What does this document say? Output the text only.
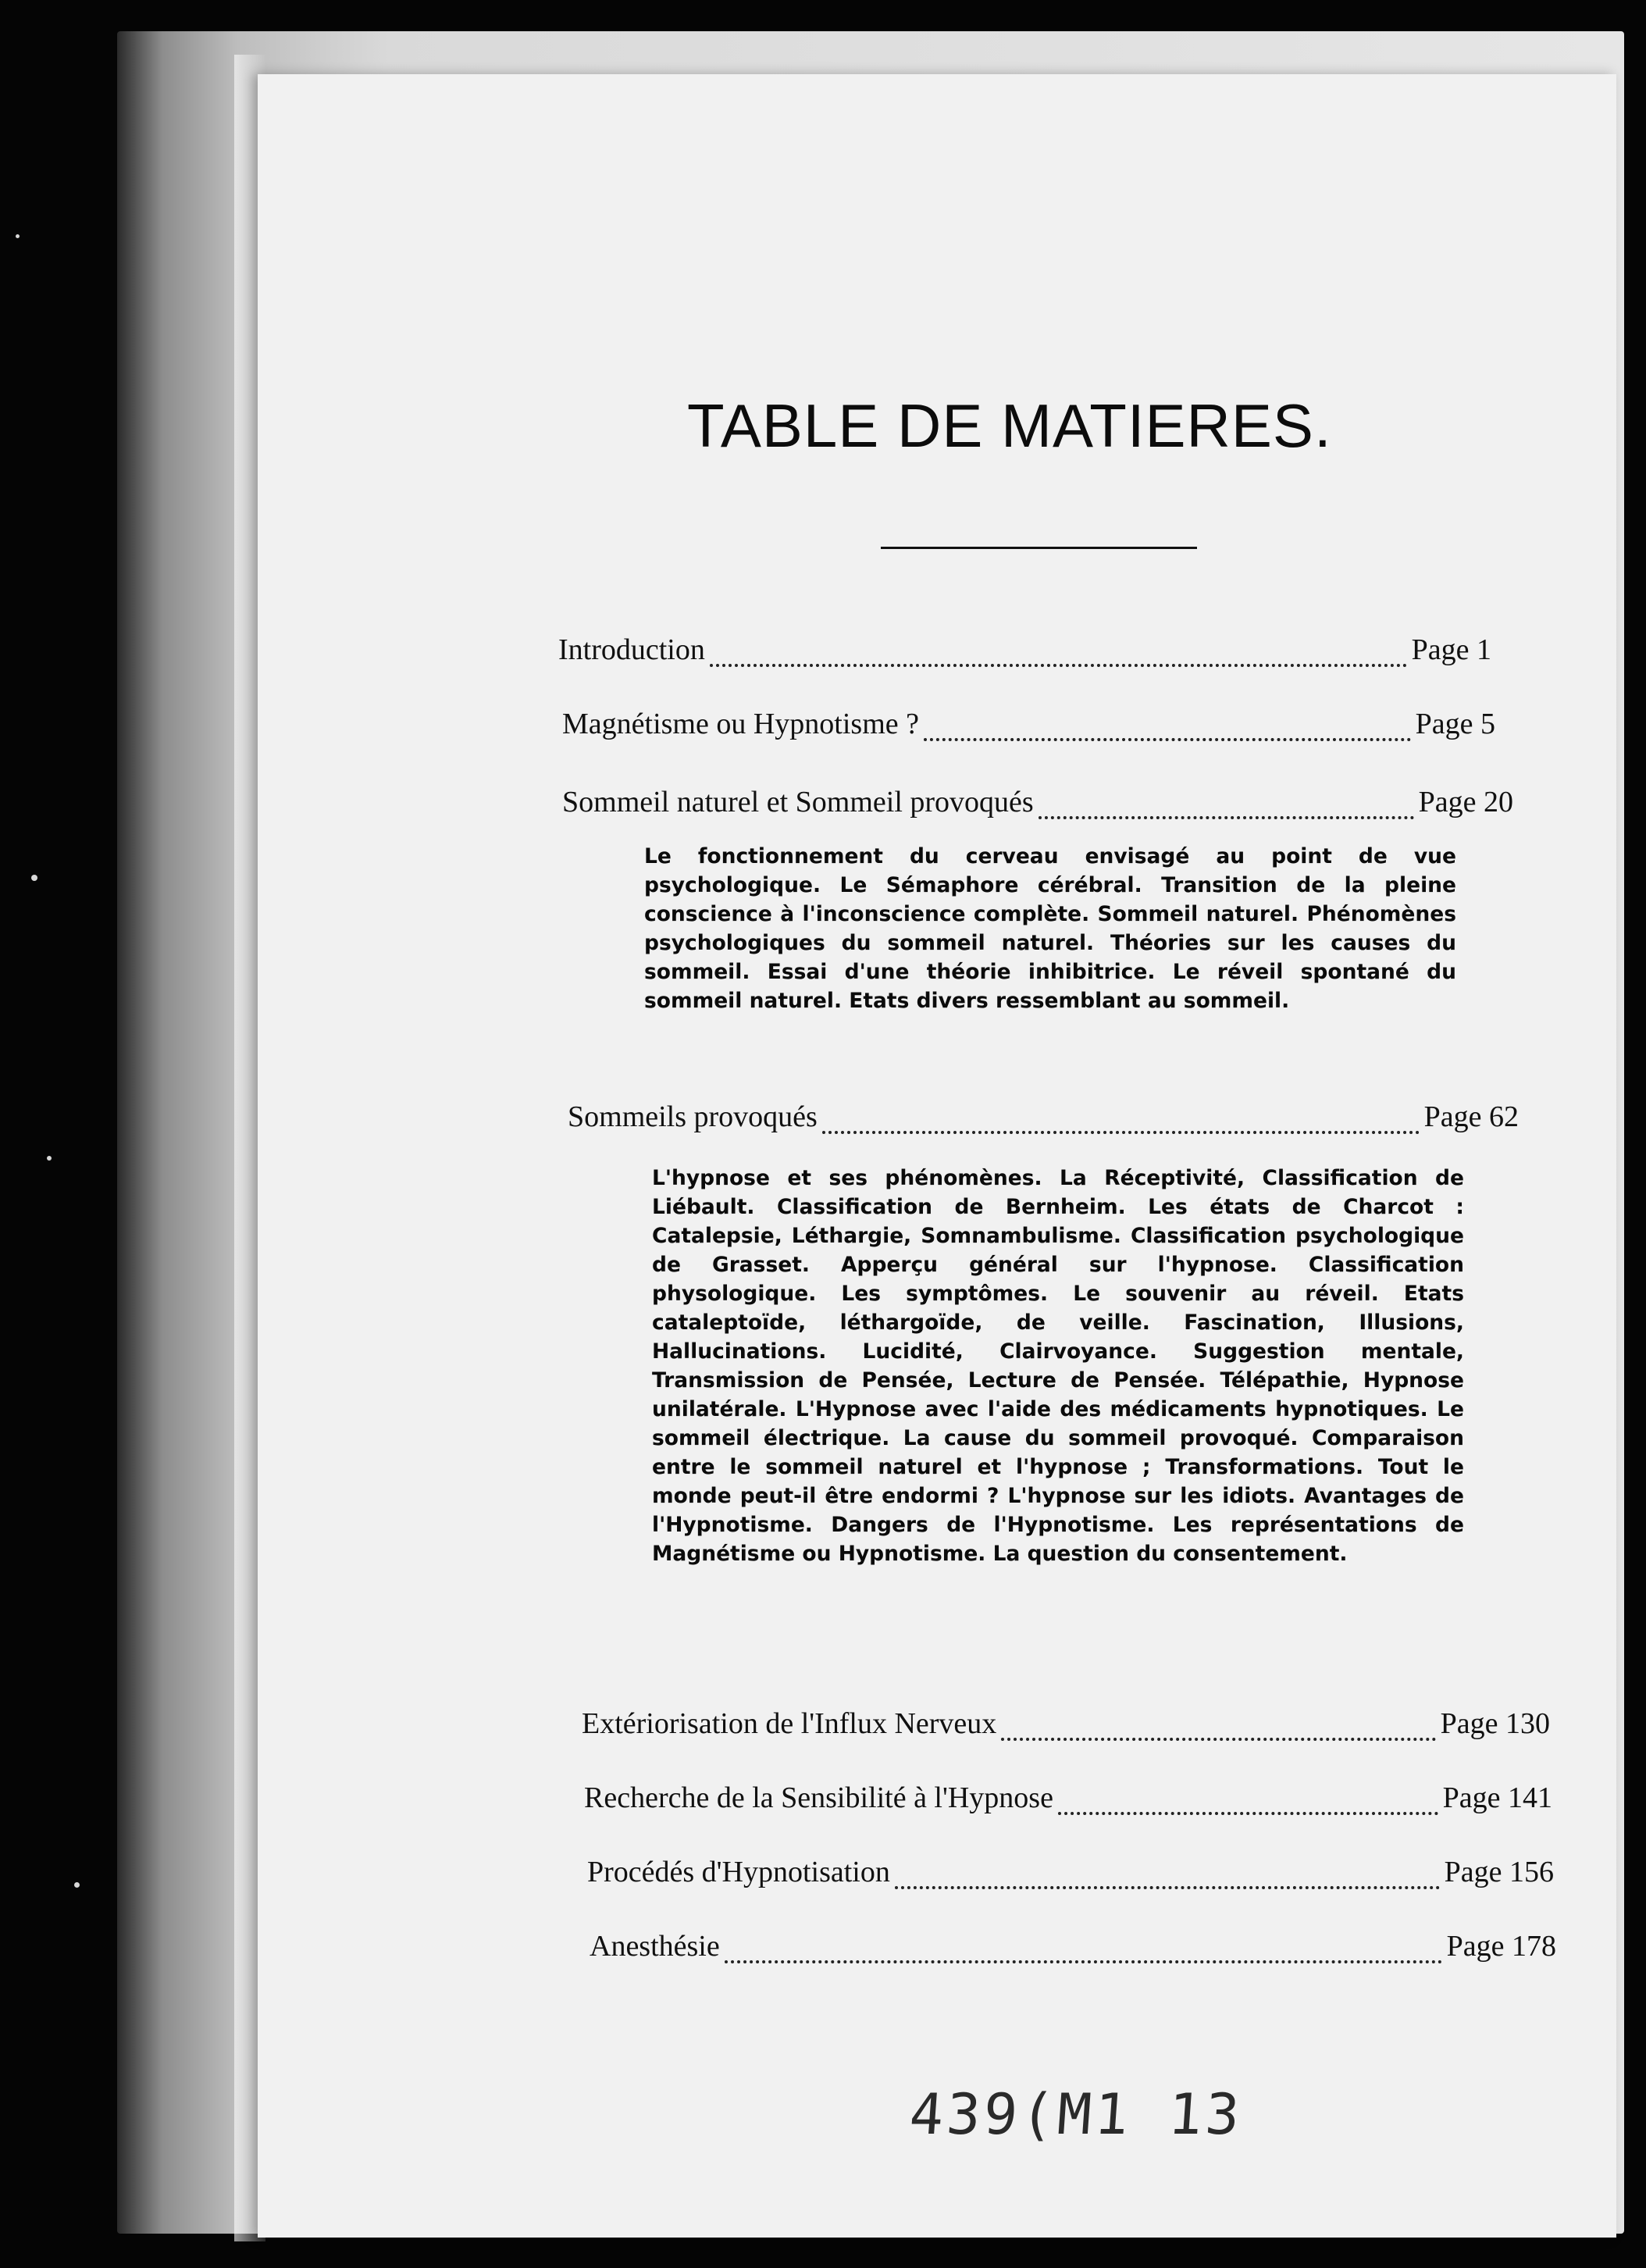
TABLE DE MATIERES.
Introduction	Page 1
Magnétisme ou Hypnotisme ?	Page 5
Sommeil naturel et Sommeil provoqués	Page 20
Le fonctionnement du cerveau envisagé au point de vue psychologique. Le Sémaphore cérébral. Transition de la pleine conscience à l'inconscience complète. Sommeil naturel. Phénomènes psychologiques du sommeil naturel. Théories sur les causes du sommeil. Essai d'une théorie inhibitrice. Le réveil spontané du sommeil naturel. Etats divers ressemblant au sommeil.
Sommeils provoqués	Page 62
L'hypnose et ses phénomènes. La Réceptivité, Classification de Liébault. Classification de Bernheim. Les états de Charcot : Catalepsie, Léthargie, Somnambulisme. Classification psychologique de Grasset. Apperçu général sur l'hypnose. Classification physologique. Les symptômes. Le souvenir au réveil. Etats cataleptoïde, léthargoïde, de veille. Fascination, Illusions, Hallucinations. Lucidité, Clairvoyance. Suggestion mentale, Transmission de Pensée, Lecture de Pensée. Télépathie, Hypnose unilatérale. L'Hypnose avec l'aide des médicaments hypnotiques. Le sommeil électrique. La cause du sommeil provoqué. Comparaison entre le sommeil naturel et l'hypnose ; Transformations. Tout le monde peut-il être endormi ? L'hypnose sur les idiots. Avantages de l'Hypnotisme. Dangers de l'Hypnotisme. Les représentations de Magnétisme ou Hypnotisme. La question du consentement.
Extériorisation de l'Influx Nerveux	Page 130
Recherche de la Sensibilité à l'Hypnose	Page 141
Procédés d'Hypnotisation	Page 156
Anesthésie	Page 178
439(M1 13
